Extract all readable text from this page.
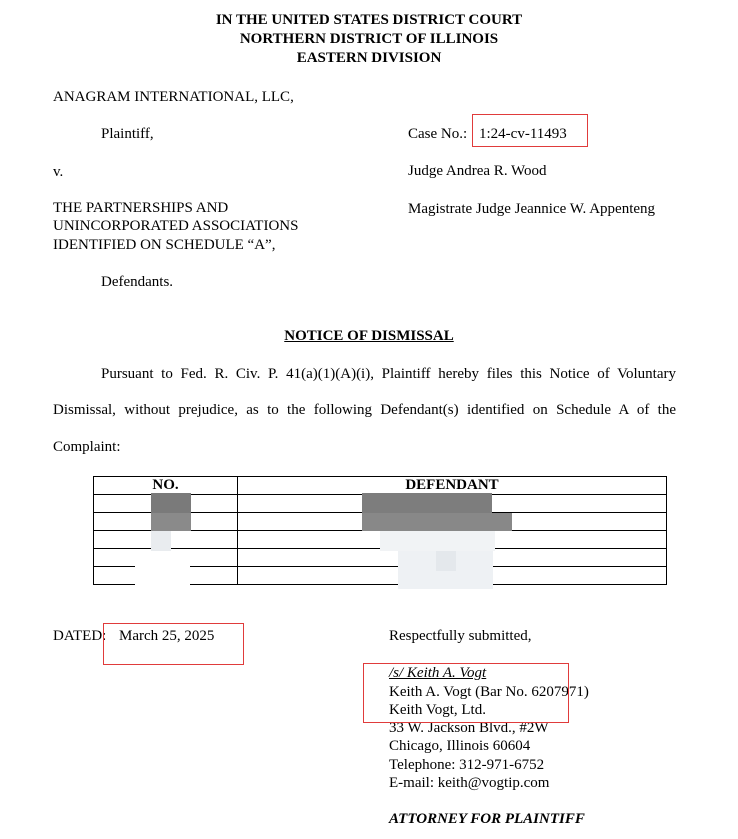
IN THE UNITED STATES DISTRICT COURT
NORTHERN DISTRICT OF ILLINOIS
EASTERN DIVISION
ANAGRAM INTERNATIONAL, LLC,
Plaintiff,
v.
THE PARTNERSHIPS AND
UNINCORPORATED ASSOCIATIONS
IDENTIFIED ON SCHEDULE “A”,
Defendants.
Case No.: 1:24-cv-11493
Judge Andrea R. Wood
Magistrate Judge Jeannice W. Appenteng
NOTICE OF DISMISSAL
Pursuant to Fed. R. Civ. P. 41(a)(1)(A)(i), Plaintiff hereby files this Notice of Voluntary
Dismissal, without prejudice, as to the following Defendant(s) identified on Schedule A of the
Complaint:
NO.	DEFENDANT

DATED: March 25, 2025	Respectfully submitted,
/s/ Keith A. Vogt
Keith A. Vogt (Bar No. 6207971)
Keith Vogt, Ltd.
33 W. Jackson Blvd., #2W
Chicago, Illinois 60604
Telephone: 312-971-6752
E-mail: keith@vogtip.com
ATTORNEY FOR PLAINTIFF
